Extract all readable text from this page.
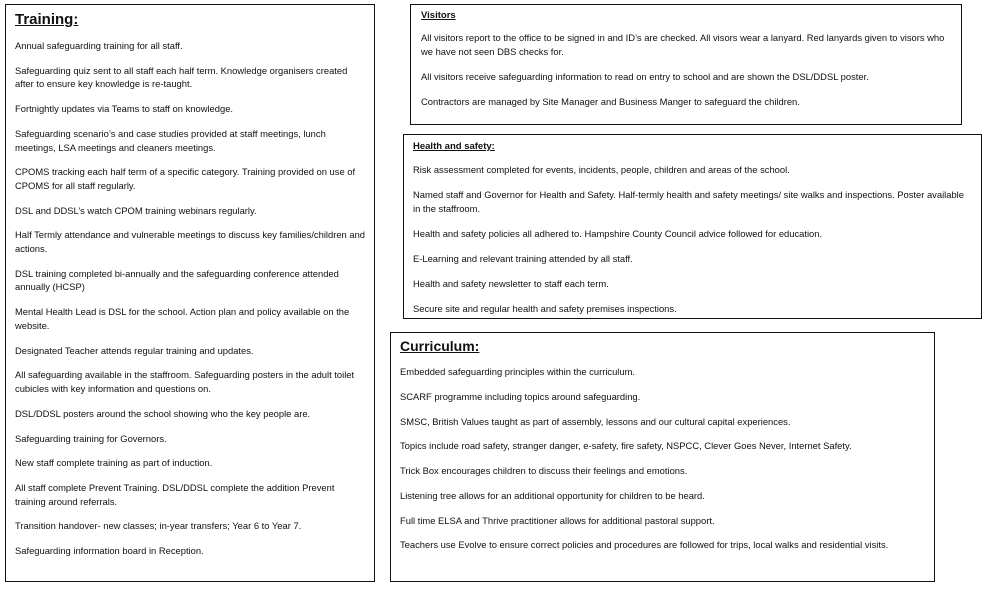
Training:

Annual safeguarding training for all staff.

Safeguarding quiz sent to all staff each half term. Knowledge organisers created after to ensure key knowledge is re-taught.

Fortnightly updates via Teams to staff on knowledge.

Safeguarding scenario’s and case studies provided at staff meetings, lunch meetings, LSA meetings and cleaners meetings.

CPOMS tracking each half term of a specific category. Training provided on use of CPOMS for all staff regularly.

DSL and DDSL’s watch CPOM training webinars regularly.

Half Termly attendance and vulnerable meetings to discuss key families/children and actions.

DSL training completed bi-annually and the safeguarding conference attended annually (HCSP)

Mental Health Lead is DSL for the school. Action plan and policy available on the website.

Designated Teacher attends regular training and updates.

All safeguarding available in the staffroom. Safeguarding posters in the adult toilet cubicles with key information and questions on.

DSL/DDSL posters around the school showing who the key people are.

Safeguarding training for Governors.

New staff complete training as part of induction.

All staff complete Prevent Training. DSL/DDSL complete the addition Prevent training around referrals.

Transition handover- new classes; in-year transfers; Year 6 to Year 7.

Safeguarding information board in Reception.

Visitors

All visitors report to the office to be signed in and ID’s are checked. All visors wear a lanyard. Red lanyards given to visors who we have not seen DBS checks for.

All visitors receive safeguarding information to read on entry to school and are shown the DSL/DDSL poster.

Contractors are managed by Site Manager and Business Manger to safeguard the children.

Health and safety:

Risk assessment completed for events, incidents, people, children and areas of the school.

Named staff and Governor for Health and Safety. Half-termly health and safety meetings/ site walks and inspections. Poster available in the staffroom.

Health and safety policies all adhered to. Hampshire County Council advice followed for education.

E-Learning and relevant training attended by all staff.

Health and safety newsletter to staff each term.

Secure site and regular health and safety premises inspections.

Curriculum:

Embedded safeguarding principles within the curriculum.

SCARF programme including topics around safeguarding.

SMSC, British Values taught as part of assembly, lessons and our cultural capital experiences.

Topics include road safety, stranger danger, e-safety, fire safety, NSPCC, Clever Goes Never, Internet Safety.

Trick Box encourages children to discuss their feelings and emotions.

Listening tree allows for an additional opportunity for children to be heard.

Full time ELSA and Thrive practitioner allows for additional pastoral support.

Teachers use Evolve to ensure correct policies and procedures are followed for trips, local walks and residential visits.
